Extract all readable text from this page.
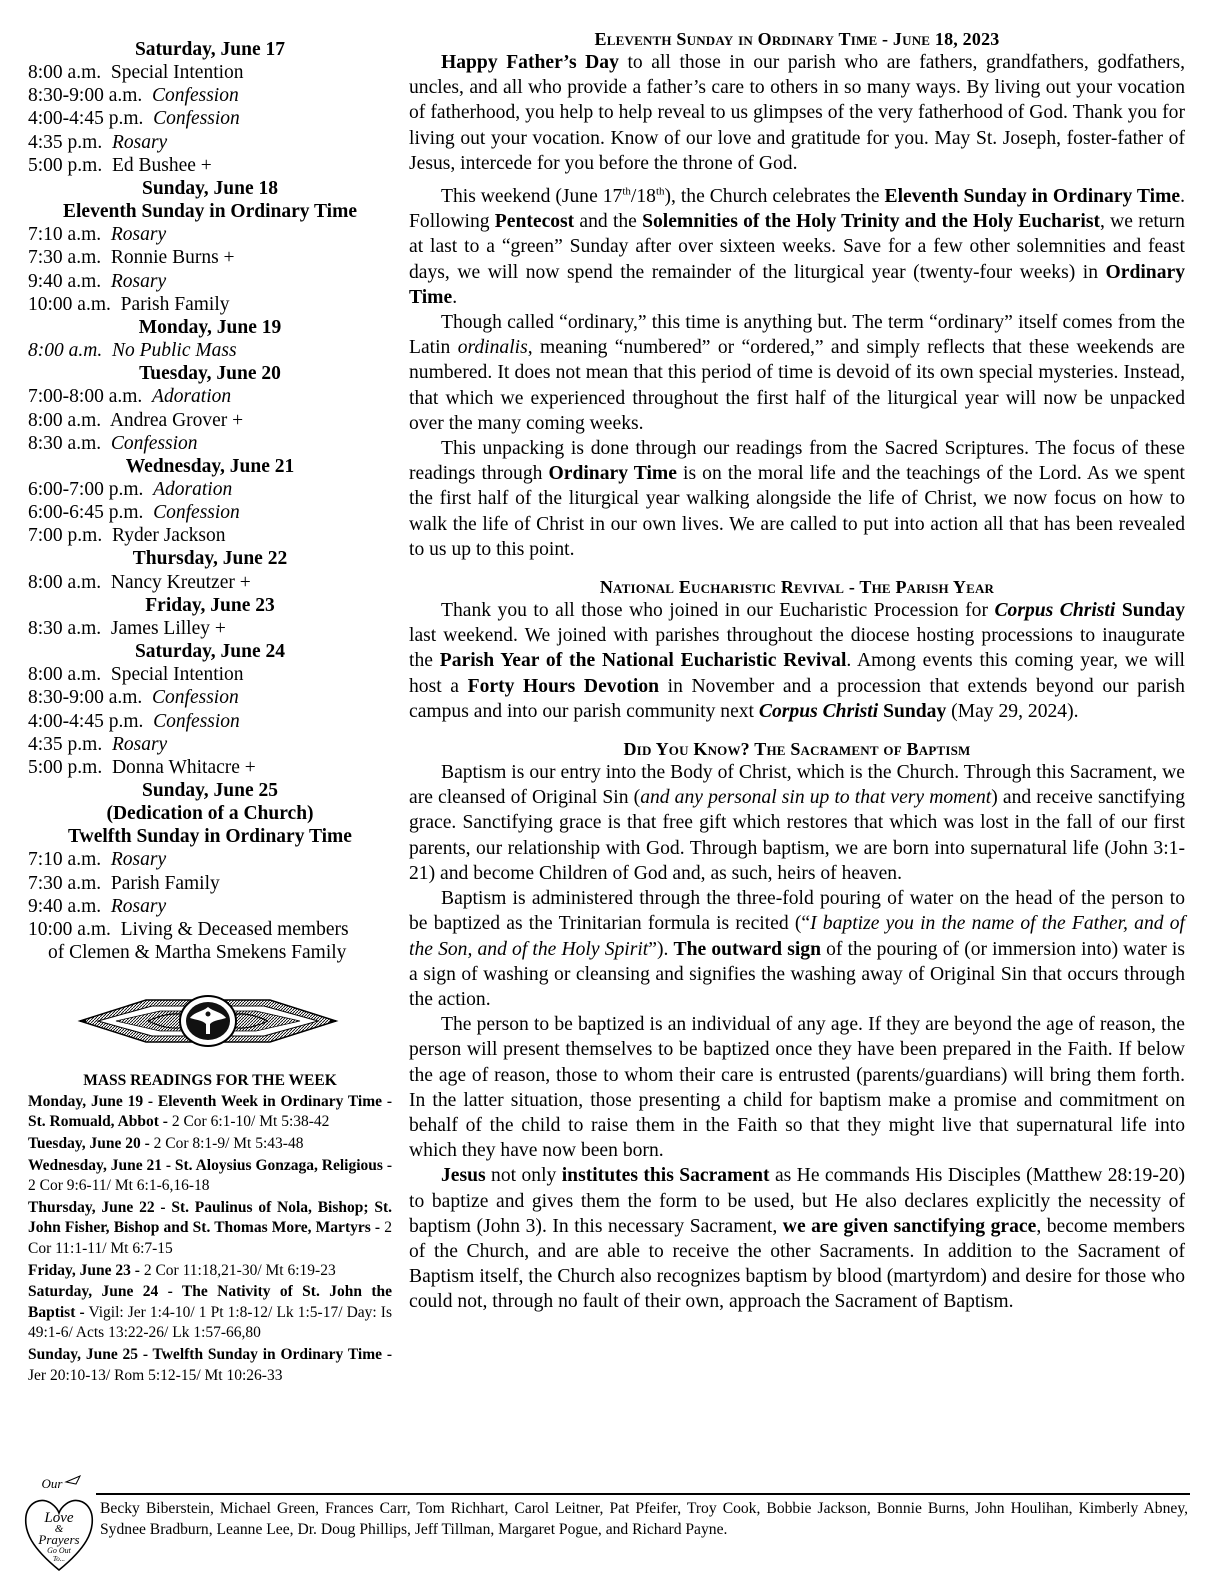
Saturday, June 17
8:00 a.m. Special Intention
8:30-9:00 a.m. Confession
4:00-4:45 p.m. Confession
4:35 p.m. Rosary
5:00 p.m. Ed Bushee +
Sunday, June 18
Eleventh Sunday in Ordinary Time
7:10 a.m. Rosary
7:30 a.m. Ronnie Burns +
9:40 a.m. Rosary
10:00 a.m. Parish Family
Monday, June 19
8:00 a.m. No Public Mass
Tuesday, June 20
7:00-8:00 a.m. Adoration
8:00 a.m. Andrea Grover +
8:30 a.m. Confession
Wednesday, June 21
6:00-7:00 p.m. Adoration
6:00-6:45 p.m. Confession
7:00 p.m. Ryder Jackson
Thursday, June 22
8:00 a.m. Nancy Kreutzer +
Friday, June 23
8:30 a.m. James Lilley +
Saturday, June 24
8:00 a.m. Special Intention
8:30-9:00 a.m. Confession
4:00-4:45 p.m. Confession
4:35 p.m. Rosary
5:00 p.m. Donna Whitacre +
Sunday, June 25
(Dedication of a Church)
Twelfth Sunday in Ordinary Time
7:10 a.m. Rosary
7:30 a.m. Parish Family
9:40 a.m. Rosary
10:00 a.m. Living & Deceased members
of Clemen & Martha Smekens Family
MASS READINGS FOR THE WEEK

Monday, June 19 - Eleventh Week in Ordinary Time - St. Romuald, Abbot - 2 Cor 6:1-10/ Mt 5:38-42

Tuesday, June 20 - 2 Cor 8:1-9/ Mt 5:43-48

Wednesday, June 21 - St. Aloysius Gonzaga, Religious - 2 Cor 9:6-11/ Mt 6:1-6,16-18

Thursday, June 22 - St. Paulinus of Nola, Bishop; St. John Fisher, Bishop and St. Thomas More, Martyrs - 2 Cor 11:1-11/ Mt 6:7-15

Friday, June 23 - 2 Cor 11:18,21-30/ Mt 6:19-23

Saturday, June 24 - The Nativity of St. John the Baptist - Vigil: Jer 1:4-10/ 1 Pt 1:8-12/ Lk 1:5-17/ Day: Is 49:1-6/ Acts 13:22-26/ Lk 1:57-66,80

Sunday, June 25 - Twelfth Sunday in Ordinary Time - Jer 20:10-13/ Rom 5:12-15/ Mt 10:26-33

Eleventh Sunday in Ordinary Time - June 18, 2023

Happy Father’s Day to all those in our parish who are fathers, grandfathers, godfathers, uncles, and all who provide a father’s care to others in so many ways. By living out your vocation of fatherhood, you help to help reveal to us glimpses of the very fatherhood of God. Thank you for living out your vocation. Know of our love and gratitude for you. May St. Joseph, foster-father of Jesus, intercede for you before the throne of God.

This weekend (June 17th/18th), the Church celebrates the Eleventh Sunday in Ordinary Time. Following Pentecost and the Solemnities of the Holy Trinity and the Holy Eucharist, we return at last to a “green” Sunday after over sixteen weeks. Save for a few other solemnities and feast days, we will now spend the remainder of the liturgical year (twenty-four weeks) in Ordinary Time.

Though called “ordinary,” this time is anything but. The term “ordinary” itself comes from the Latin ordinalis, meaning “numbered” or “ordered,” and simply reflects that these weekends are numbered. It does not mean that this period of time is devoid of its own special mysteries. Instead, that which we experienced throughout the first half of the liturgical year will now be unpacked over the many coming weeks.

This unpacking is done through our readings from the Sacred Scriptures. The focus of these readings through Ordinary Time is on the moral life and the teachings of the Lord. As we spent the first half of the liturgical year walking alongside the life of Christ, we now focus on how to walk the life of Christ in our own lives. We are called to put into action all that has been revealed to us up to this point.

National Eucharistic Revival - The Parish Year

Thank you to all those who joined in our Eucharistic Procession for Corpus Christi Sunday last weekend. We joined with parishes throughout the diocese hosting processions to inaugurate the Parish Year of the National Eucharistic Revival. Among events this coming year, we will host a Forty Hours Devotion in November and a procession that extends beyond our parish campus and into our parish community next Corpus Christi Sunday (May 29, 2024).

Did You Know? The Sacrament of Baptism

Baptism is our entry into the Body of Christ, which is the Church. Through this Sacrament, we are cleansed of Original Sin (and any personal sin up to that very moment) and receive sanctifying grace. Sanctifying grace is that free gift which restores that which was lost in the fall of our first parents, our relationship with God. Through baptism, we are born into supernatural life (John 3:1-21) and become Children of God and, as such, heirs of heaven.

Baptism is administered through the three-fold pouring of water on the head of the person to be baptized as the Trinitarian formula is recited (“I baptize you in the name of the Father, and of the Son, and of the Holy Spirit”). The outward sign of the pouring of (or immersion into) water is a sign of washing or cleansing and signifies the washing away of Original Sin that occurs through the action.

The person to be baptized is an individual of any age. If they are beyond the age of reason, the person will present themselves to be baptized once they have been prepared in the Faith. If below the age of reason, those to whom their care is entrusted (parents/guardians) will bring them forth. In the latter situation, those presenting a child for baptism make a promise and commitment on behalf of the child to raise them in the Faith so that they might live that supernatural life into which they have now been born.

Jesus not only institutes this Sacrament as He commands His Disciples (Matthew 28:19-20) to baptize and gives them the form to be used, but He also declares explicitly the necessity of baptism (John 3). In this necessary Sacrament, we are given sanctifying grace, become members of the Church, and are able to receive the other Sacraments. In addition to the Sacrament of Baptism itself, the Church also recognizes baptism by blood (martyrdom) and desire for those who could not, through no fault of their own, approach the Sacrament of Baptism.

Our
Love
&
Prayers
Go Out
To...
Becky Biberstein, Michael Green, Frances Carr, Tom Richhart, Carol Leitner, Pat Pfeifer, Troy Cook, Bobbie Jackson, Bonnie Burns, John Houlihan, Kimberly Abney, Sydnee Bradburn, Leanne Lee, Dr. Doug Phillips, Jeff Tillman, Margaret Pogue, and Richard Payne.
